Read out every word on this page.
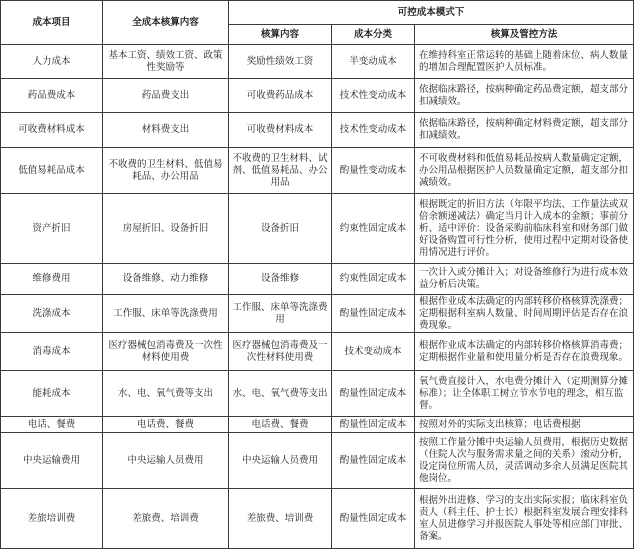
成本项目	全成本核算内容	可控成本模式下		
		核算内容	成本分类	核算及管控方法
人力成本	基本工资、绩效工资、政策性奖励等	奖励性绩效工资	半变动成本	在维持科室正常运转的基础上随着床位、病人数量的增加合理配置医护人员标准。
药品费成本	药品费支出	可收费药品成本	技术性变动成本	依据临床路径，按病种确定药品费定额，超支部分扣减绩效。
可收费材料成本	材料费支出	可收费材料成本	技术性变动成本	依据临床路径，按病种确定材料费定额，超支部分扣减绩效。
低值易耗品成本	不收费的卫生材料、低值易耗品、办公用品	不收费的卫生材料、试剂、低值易耗品、办公用品	酌量性变动成本	不可收费材料和低值易耗品按病人数量确定定额，办公用品根据医护人员数量确定定额，超支部分扣减绩效。
资产折旧	房屋折旧、设备折旧	设备折旧	约束性固定成本	根据既定的折旧方法（年限平均法、工作量法或双倍余额递减法）确定当月计入成本的金额；事前分析、适中评价：设备采购前临床科室和财务部门做好设备购置可行性分析，使用过程中定期对设备使用情况进行评价。
维修费用	设备维修、动力维修	设备维修	约束性固定成本	一次计入或分摊计入；对设备维修行为进行成本效益分析后决策。
洗涤成本	工作服、床单等洗涤费用	工作服、床单等洗涤费用	酌量性固定成本	根据作业成本法确定的内部转移价格核算洗涤费；定期根据科室病人数量、时间周期评估是否存在浪费现象。
消毒成本	医疗器械包消毒费及一次性材料使用费	医疗器械包消毒费及一次性材料使用费	技术变动成本	根据作业成本法确定的内部转移价格核算消毒费；定期根据作业量和使用量分析是否存在浪费现象。
能耗成本	水、电、氧气费等支出	水、电、氧气费等支出	酌量性固定成本	氧气费直接计入，水电费分摊计入（定期测算分摊标准）；让全体职工树立节水节电的理念，相互监督。
电话、餐费	电话费、餐费	电话费、餐费	酌量性固定成本	按照对外的实际支出核算；电话费根据
中央运输费用	中央运输人员费用	中央运输人员费用	酌量性固定成本	按照工作量分摊中央运输人员费用，根据历史数据（住院人次与服务需求量之间的关系）滚动分析，设定岗位所需人员，灵活调动多余人员满足医院其他岗位。
差旅培训费	差旅费、培训费	差旅费、培训费	酌量性固定成本	根据外出进修、学习的支出实际实报；临床科室负责人（科主任、护士长）根据科室发展合理安排科室人员进修学习并报医院人事处等相应部门审批、备案。
